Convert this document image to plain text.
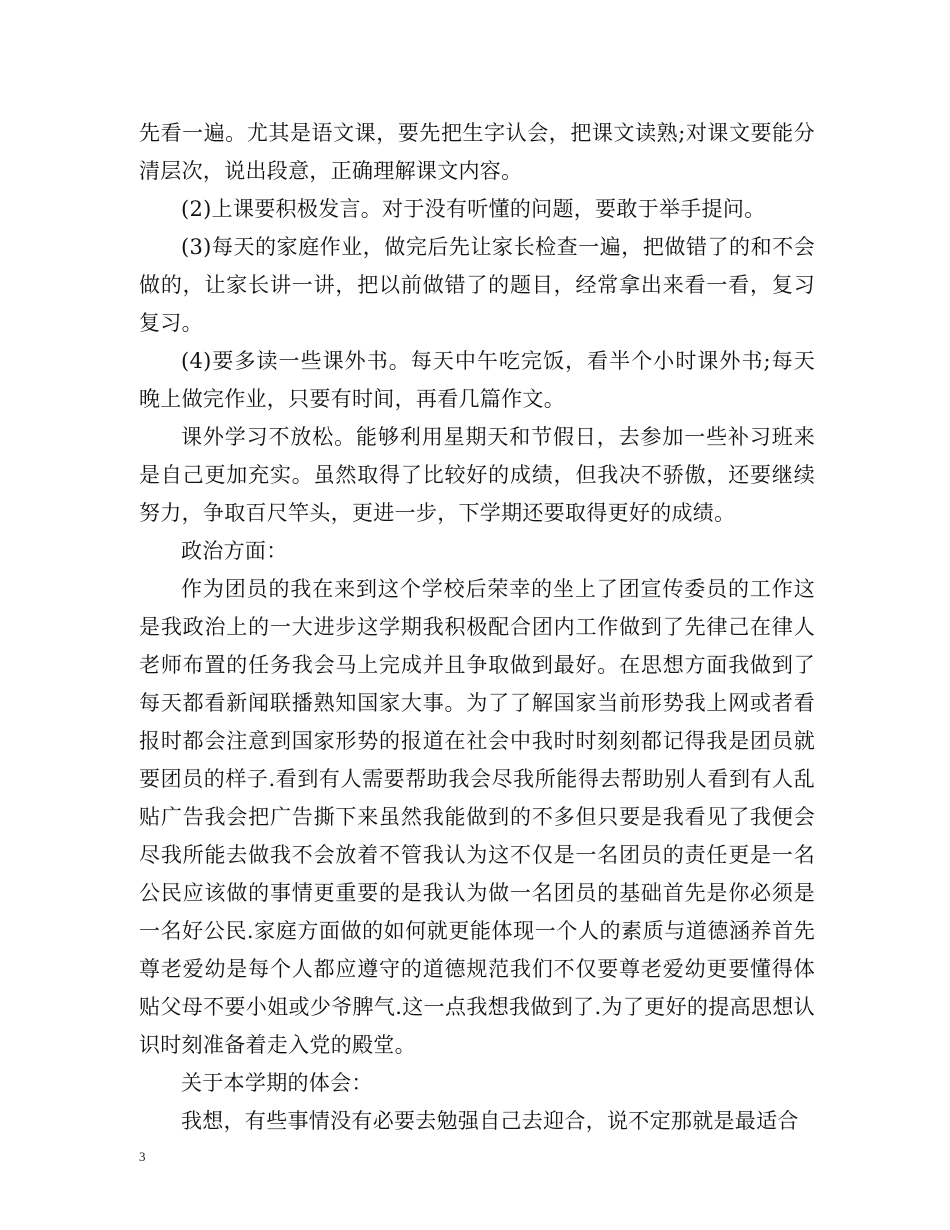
先看一遍。尤其是语文课，要先把生字认会，把课文读熟;对课文要能分清层次，说出段意，正确理解课文内容。

(2)上课要积极发言。对于没有听懂的问题，要敢于举手提问。

(3)每天的家庭作业，做完后先让家长检查一遍，把做错了的和不会做的，让家长讲一讲，把以前做错了的题目，经常拿出来看一看，复习复习。

(4)要多读一些课外书。每天中午吃完饭，看半个小时课外书;每天晚上做完作业，只要有时间，再看几篇作文。

课外学习不放松。能够利用星期天和节假日，去参加一些补习班来是自己更加充实。虽然取得了比较好的成绩，但我决不骄傲，还要继续努力，争取百尺竿头，更进一步，下学期还要取得更好的成绩。

政治方面：

作为团员的我在来到这个学校后荣幸的坐上了团宣传委员的工作这是我政治上的一大进步这学期我积极配合团内工作做到了先律己在律人老师布置的任务我会马上完成并且争取做到最好。在思想方面我做到了每天都看新闻联播熟知国家大事。为了了解国家当前形势我上网或者看报时都会注意到国家形势的报道在社会中我时时刻刻都记得我是团员就要团员的样子.看到有人需要帮助我会尽我所能得去帮助别人看到有人乱贴广告我会把广告撕下来虽然我能做到的不多但只要是我看见了我便会尽我所能去做我不会放着不管我认为这不仅是一名团员的责任更是一名公民应该做的事情更重要的是我认为做一名团员的基础首先是你必须是一名好公民.家庭方面做的如何就更能体现一个人的素质与道德涵养首先尊老爱幼是每个人都应遵守的道德规范我们不仅要尊老爱幼更要懂得体贴父母不要小姐或少爷脾气.这一点我想我做到了.为了更好的提高思想认识时刻准备着走入党的殿堂。

关于本学期的体会：

我想，有些事情没有必要去勉强自己去迎合，说不定那就是最适合

3
